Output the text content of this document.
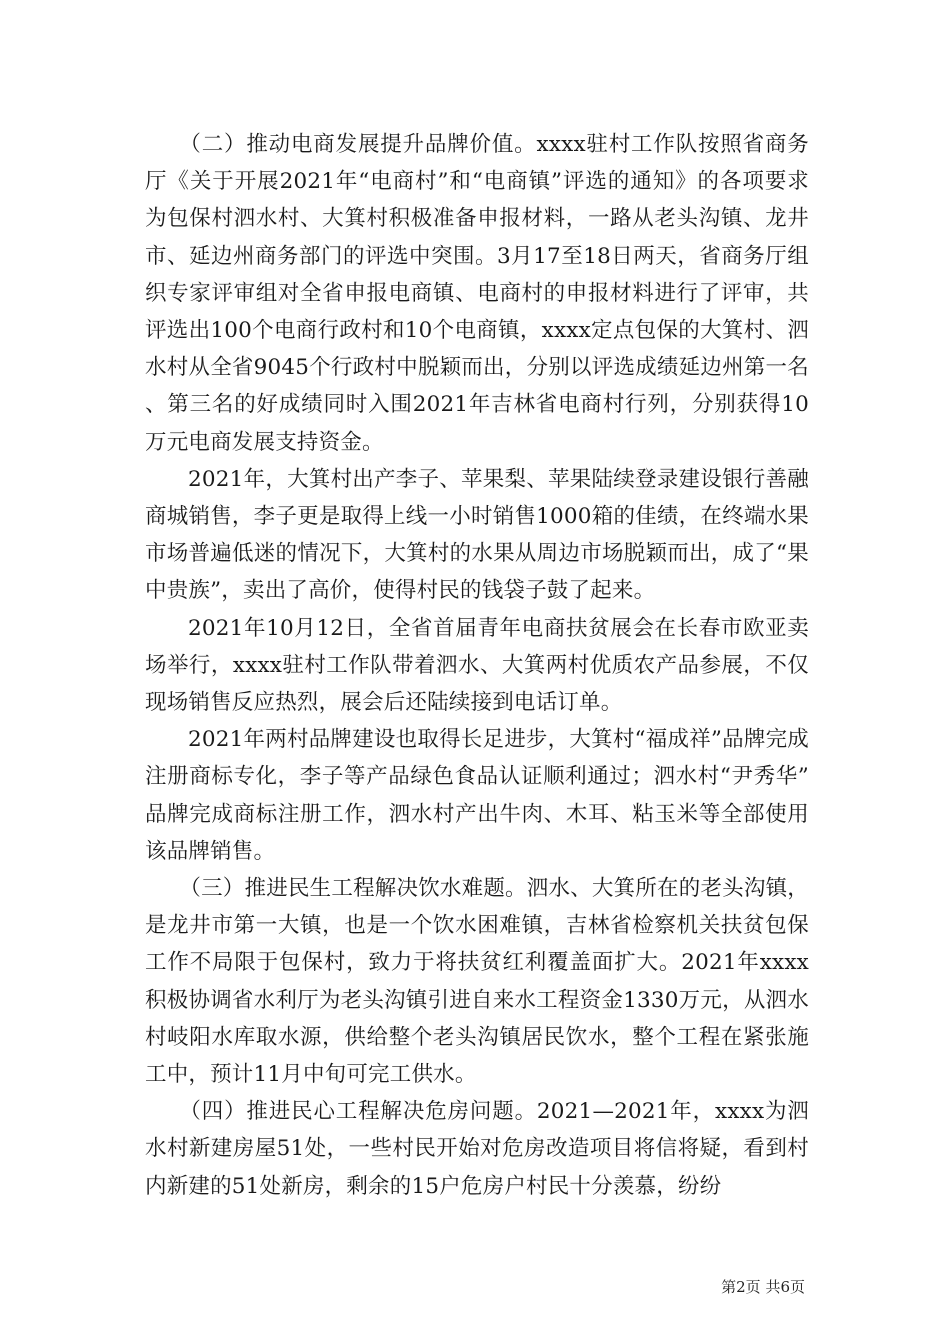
（二）推动电商发展提升品牌价值。xxxx驻村工作队按照省商务厅《关于开展2021年“电商村”和“电商镇”评选的通知》的各项要求为包保村泗水村、大箕村积极准备申报材料，一路从老头沟镇、龙井市、延边州商务部门的评选中突围。3月17至18日两天，省商务厅组织专家评审组对全省申报电商镇、电商村的申报材料进行了评审，共评选出100个电商行政村和10个电商镇，xxxx定点包保的大箕村、泗水村从全省9045个行政村中脱颖而出，分别以评选成绩延边州第一名、第三名的好成绩同时入围2021年吉林省电商村行列，分别获得10万元电商发展支持资金。

2021年，大箕村出产李子、苹果梨、苹果陆续登录建设银行善融商城销售，李子更是取得上线一小时销售1000箱的佳绩，在终端水果市场普遍低迷的情况下，大箕村的水果从周边市场脱颖而出，成了“果中贵族”，卖出了高价，使得村民的钱袋子鼓了起来。

2021年10月12日，全省首届青年电商扶贫展会在长春市欧亚卖场举行，xxxx驻村工作队带着泗水、大箕两村优质农产品参展，不仅现场销售反应热烈，展会后还陆续接到电话订单。

2021年两村品牌建设也取得长足进步，大箕村“福成祥”品牌完成注册商标专化，李子等产品绿色食品认证顺利通过；泗水村“尹秀华”品牌完成商标注册工作，泗水村产出牛肉、木耳、粘玉米等全部使用该品牌销售。

（三）推进民生工程解决饮水难题。泗水、大箕所在的老头沟镇，是龙井市第一大镇，也是一个饮水困难镇，吉林省检察机关扶贫包保工作不局限于包保村，致力于将扶贫红利覆盖面扩大。2021年xxxx积极协调省水利厅为老头沟镇引进自来水工程资金1330万元，从泗水村岐阳水库取水源，供给整个老头沟镇居民饮水，整个工程在紧张施工中，预计11月中旬可完工供水。

（四）推进民心工程解决危房问题。2021—2021年，xxxx为泗水村新建房屋51处，一些村民开始对危房改造项目将信将疑，看到村内新建的51处新房，剩余的15户危房户村民十分羡慕，纷纷

第2页 共6页
